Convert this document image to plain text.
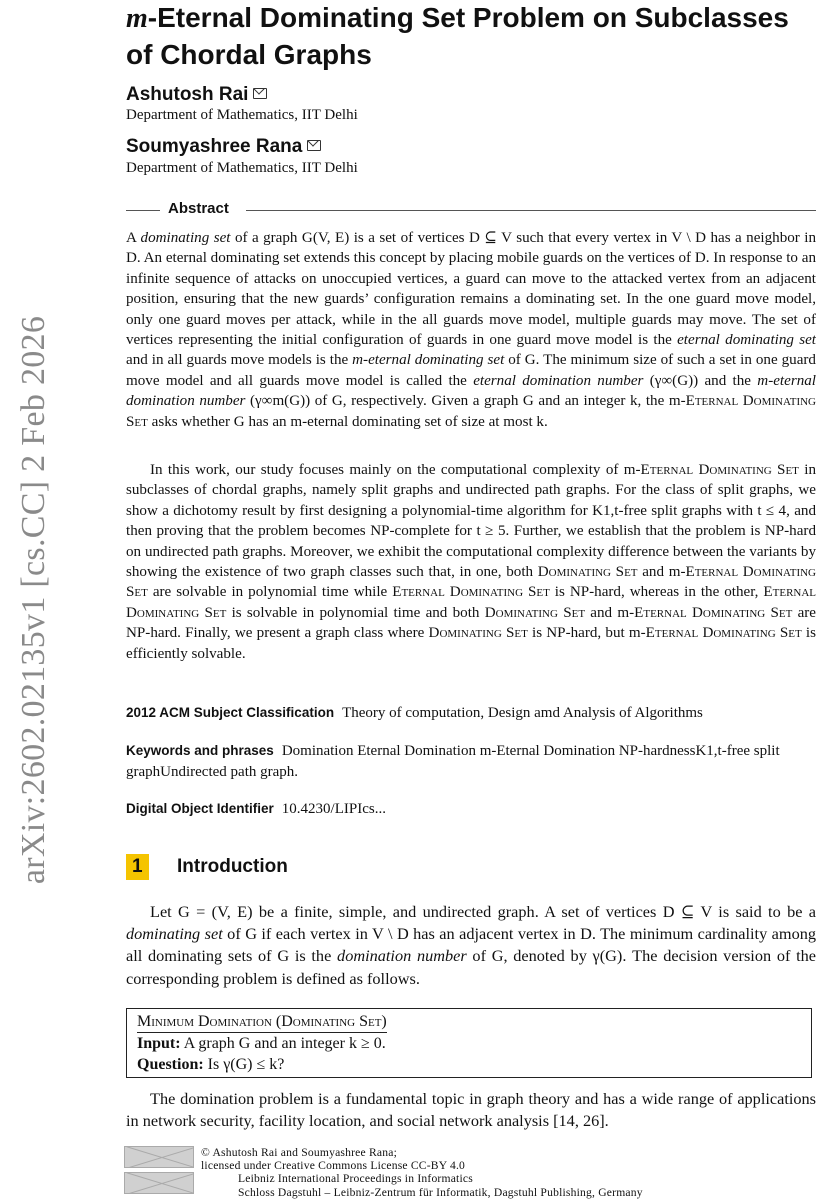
arXiv:2602.02135v1 [cs.CC] 2 Feb 2026
m-Eternal Dominating Set Problem on Subclasses
of Chordal Graphs
Ashutosh Rai
Department of Mathematics, IIT Delhi
Soumyashree Rana
Department of Mathematics, IIT Delhi
Abstract

A dominating set of a graph G(V, E) is a set of vertices D ⊆ V such that every vertex in V \ D has a neighbor in D. An eternal dominating set extends this concept by placing mobile guards on the vertices of D. In response to an infinite sequence of attacks on unoccupied vertices, a guard can move to the attacked vertex from an adjacent position, ensuring that the new guards’ configuration remains a dominating set. In the one guard move model, only one guard moves per attack, while in the all guards move model, multiple guards may move. The set of vertices representing the initial configuration of guards in one guard move model is the eternal dominating set and in all guards move models is the m-eternal dominating set of G. The minimum size of such a set in one guard move model and all guards move model is called the eternal domination number (γ∞(G)) and the m-eternal domination number (γ∞m(G)) of G, respectively. Given a graph G and an integer k, the m-Eternal Dominating Set asks whether G has an m-eternal dominating set of size at most k.

In this work, our study focuses mainly on the computational complexity of m-Eternal Dominating Set in subclasses of chordal graphs, namely split graphs and undirected path graphs. For the class of split graphs, we show a dichotomy result by first designing a polynomial-time algorithm for K1,t-free split graphs with t ≤ 4, and then proving that the problem becomes NP-complete for t ≥ 5. Further, we establish that the problem is NP-hard on undirected path graphs. Moreover, we exhibit the computational complexity difference between the variants by showing the existence of two graph classes such that, in one, both Dominating Set and m-Eternal Dominating Set are solvable in polynomial time while Eternal Dominating Set is NP-hard, whereas in the other, Eternal Dominating Set is solvable in polynomial time and both Dominating Set and m-Eternal Dominating Set are NP-hard. Finally, we present a graph class where Dominating Set is NP-hard, but m-Eternal Dominating Set is efficiently solvable.

2012 ACM Subject Classification Theory of computation, Design amd Analysis of Algorithms

Keywords and phrases Domination Eternal Domination m-Eternal Domination NP-hardnessK1,t-free split graphUndirected path graph.

Digital Object Identifier 10.4230/LIPIcs...

1 Introduction

Let G = (V, E) be a finite, simple, and undirected graph. A set of vertices D ⊆ V is said to be a dominating set of G if each vertex in V \ D has an adjacent vertex in D. The minimum cardinality among all dominating sets of G is the domination number of G, denoted by γ(G). The decision version of the corresponding problem is defined as follows.

Minimum Domination (Dominating Set)
Input: A graph G and an integer k ≥ 0.
Question: Is γ(G) ≤ k?

The domination problem is a fundamental topic in graph theory and has a wide range of applications in network security, facility location, and social network analysis [14, 26].

© Ashutosh Rai and Soumyashree Rana;
licensed under Creative Commons License CC-BY 4.0
Leibniz International Proceedings in Informatics
Schloss Dagstuhl – Leibniz-Zentrum für Informatik, Dagstuhl Publishing, Germany
